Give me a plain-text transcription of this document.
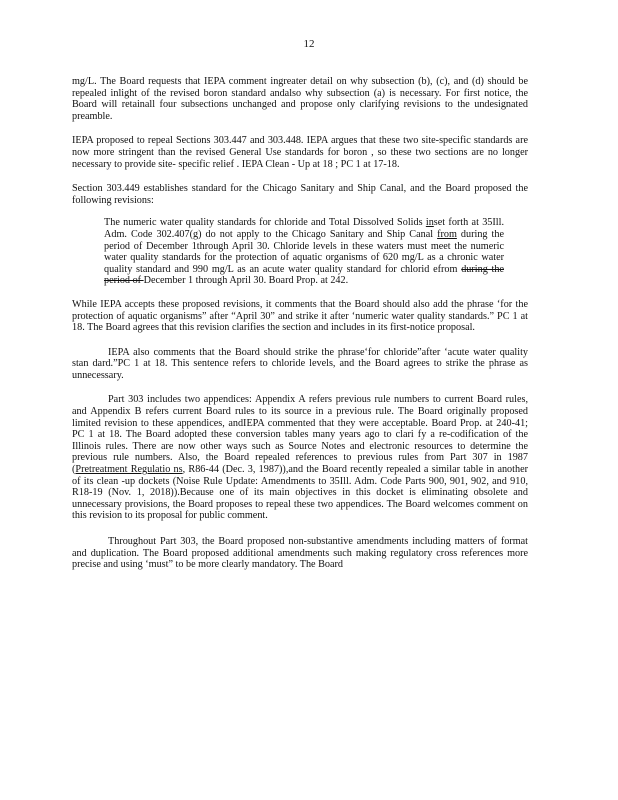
12

mg/L. The Board requests that IEPA comment ingreater detail on why subsection (b), (c), and (d) should be repealed inlight of the revised boron standard andalso why subsection (a) is necessary. For first notice, the Board will retainall four subsections unchanged and propose only clarifying revisions to the undesignated preamble.

IEPA proposed to repeal Sections 303.447 and 303.448. IEPA argues that these two site-specific standards are now more stringent than the revised General Use standards for boron , so these two sections are no longer necessary to provide site- specific relief . IEPA Clean - Up at 18 ; PC 1 at 17-18.

Section 303.449 establishes standard for the Chicago Sanitary and Ship Canal, and the Board proposed the following revisions:

The numeric water quality standards for chloride and Total Dissolved Solids inset forth at 35Ill. Adm. Code 302.407(g) do not apply to the Chicago Sanitary and Ship Canal from during the period of December 1through April 30. Chloride levels in these waters must meet the numeric water quality standards for the protection of aquatic organisms of 620 mg/L as a chronic water quality standard and 990 mg/L as an acute water quality standard for chlorid efrom during the period of December 1 through April 30. Board Prop. at 242.

While IEPA accepts these proposed revisions, it comments that the Board should also add the phrase ‘for the protection of aquatic organisms” after “April 30” and strike it after ‘numeric water quality standards.” PC 1 at 18. The Board agrees that this revision clarifies the section and includes in its first-notice proposal.

IEPA also comments that the Board should strike the phrase‘for chloride”after ‘acute water quality stan dard.”PC 1 at 18. This sentence refers to chloride levels, and the Board agrees to strike the phrase as unnecessary.

Part 303 includes two appendices: Appendix A refers previous rule numbers to current Board rules, and Appendix B refers current Board rules to its source in a previous rule. The Board originally proposed limited revision to these appendices, andIEPA commented that they were acceptable. Board Prop. at 240-41; PC 1 at 18. The Board adopted these conversion tables many years ago to clari fy a re-codification of the Illinois rules. There are now other ways such as Source Notes and electronic resources to determine the previous rule numbers. Also, the Board repealed references to previous rules from Part 307 in 1987 (Pretreatment Regulatio ns, R86-44 (Dec. 3, 1987)),and the Board recently repealed a similar table in another of its clean -up dockets (Noise Rule Update: Amendments to 35Ill. Adm. Code Parts 900, 901, 902, and 910, R18-19 (Nov. 1, 2018)).Because one of its main objectives in this docket is eliminating obsolete and unnecessary provisions, the Board proposes to repeal these two appendices. The Board welcomes comment on this revision to its proposal for public comment.

Throughout Part 303, the Board proposed non-substantive amendments including matters of format and duplication. The Board proposed additional amendments such making regulatory cross references more precise and using ‘must” to be more clearly mandatory. The Board
